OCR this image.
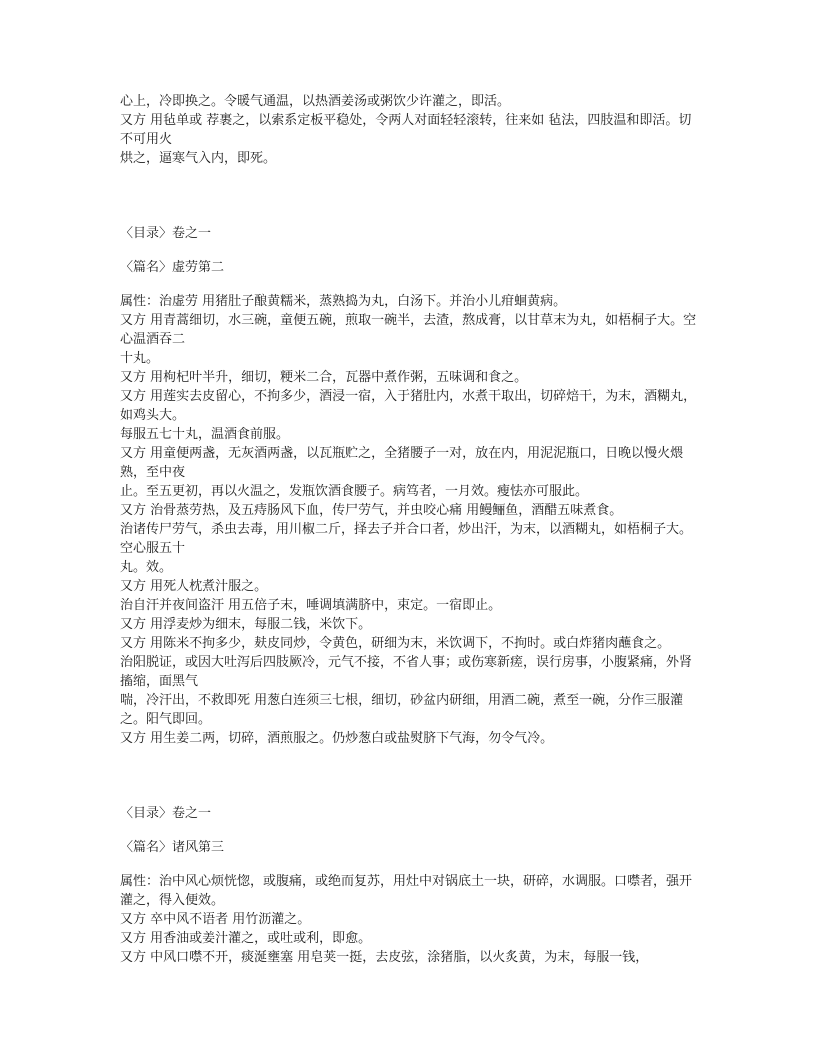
心上，冷即换之。令暖气通温，以热酒姜汤或粥饮少许灌之，即活。

又方 用毡单或 荐裹之，以索系定板平稳处，令两人对面轻轻滚转，往来如 毡法，四肢温和即活。切不可用火

烘之，逼寒气入内，即死。

〈目录〉卷之一

〈篇名〉虚劳第二

属性：治虚劳 用猪肚子酿黄糯米，蒸熟捣为丸，白汤下。并治小儿疳蛔黄病。

又方 用青蒿细切，水三碗，童便五碗，煎取一碗半，去渣，熬成膏，以甘草末为丸，如梧桐子大。空心温酒吞二

十丸。

又方 用枸杞叶半升，细切，粳米二合，瓦器中煮作粥，五味调和食之。

又方 用莲实去皮留心，不拘多少，酒浸一宿，入于猪肚内，水煮干取出，切碎焙干，为末，酒糊丸，如鸡头大。

每服五七十丸，温酒食前服。

又方 用童便两盏，无灰酒两盏，以瓦瓶贮之，全猪腰子一对，放在内，用泥泥瓶口，日晚以慢火煨熟，至中夜

止。至五更初，再以火温之，发瓶饮酒食腰子。病笃者，一月效。瘦怯亦可服此。

又方 治骨蒸劳热，及五痔肠风下血，传尸劳气，并虫咬心痛 用鳗鲡鱼，酒醋五味煮食。

治诸传尸劳气，杀虫去毒，用川椒二斤，择去子并合口者，炒出汗，为末，以酒糊丸，如梧桐子大。空心服五十

丸。效。

又方 用死人枕煮汁服之。

治自汗并夜间盗汗 用五倍子末，唾调填满脐中，束定。一宿即止。

又方 用浮麦炒为细末，每服二钱，米饮下。

又方 用陈米不拘多少，麸皮同炒，令黄色，研细为末，米饮调下，不拘时。或白炸猪肉蘸食之。

治阳脱证，或因大吐泻后四肢厥冷，元气不接，不省人事；或伤寒新瘥，误行房事，小腹紧痛，外肾搐缩，面黑气

喘，冷汗出，不救即死 用葱白连须三七根，细切，砂盆内研细，用酒二碗，煮至一碗，分作三服灌之。阳气即回。

又方 用生姜二两，切碎，酒煎服之。仍炒葱白或盐熨脐下气海，勿令气冷。

〈目录〉卷之一

〈篇名〉诸风第三

属性：治中风心烦恍惚，或腹痛，或绝而复苏，用灶中对锅底土一块，研碎，水调服。口噤者，强开灌之，得入便效。

又方 卒中风不语者 用竹沥灌之。

又方 用香油或姜汁灌之，或吐或利，即愈。

又方 中风口噤不开，痰涎壅塞 用皂荚一挺，去皮弦，涂猪脂，以火炙黄，为末，每服一钱，
